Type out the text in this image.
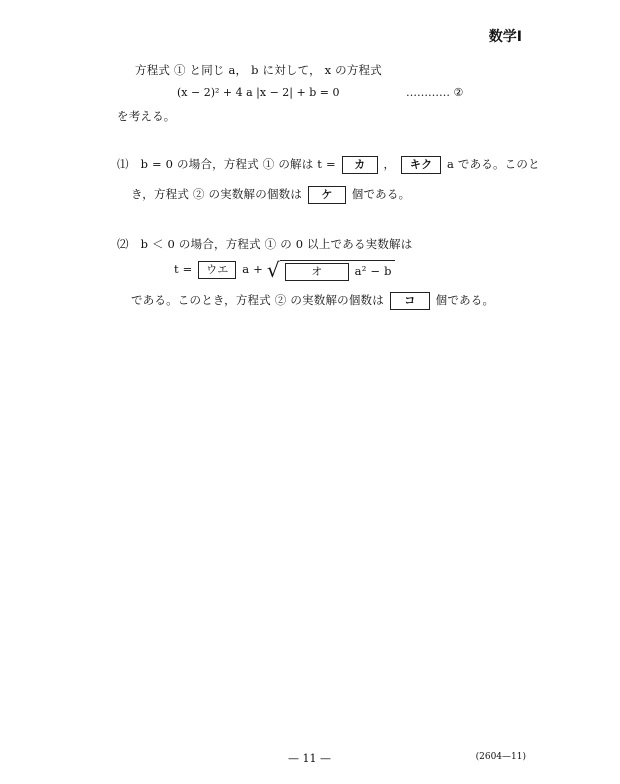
数学Ⅰ
方程式 ① と同じ a， b に対して， x の方程式
(x − 2)² + 4 a |x − 2| + b = 0	………… ②
を考える。
⑴ b = 0 の場合，方程式 ① の解は t = カ ， キク a である。このと
き，方程式 ② の実数解の個数は ケ 個である。
⑵ b ＜ 0 の場合，方程式 ① の 0 以上である実数解は
t = ウエ a + √	オ	a² − b
である。このとき，方程式 ② の実数解の個数は コ 個である。
— 11 —	(2604—11)
